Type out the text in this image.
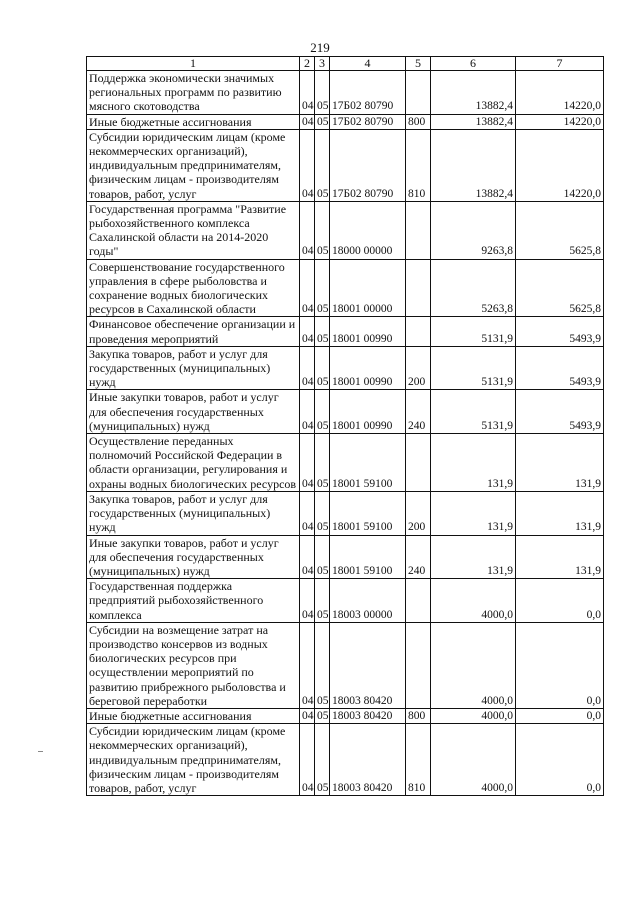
219
1	2	3	4	5	6	7
Поддержка экономически значимых региональных программ по развитию мясного скотоводства	04	05	17Б02 80790		13882,4	14220,0
Иные бюджетные ассигнования	04	05	17Б02 80790	800	13882,4	14220,0
Субсидии юридическим лицам (кроме некоммерческих организаций), индивидуальным предпринимателям, физическим лицам - производителям товаров, работ, услуг	04	05	17Б02 80790	810	13882,4	14220,0
Государственная программа "Развитие рыбохозяйственного комплекса Сахалинской области на 2014-2020 годы"	04	05	18000 00000		9263,8	5625,8
Совершенствование государственного управления в сфере рыболовства и сохранение водных биологических ресурсов в Сахалинской области	04	05	18001 00000		5263,8	5625,8
Финансовое обеспечение организации и проведения мероприятий	04	05	18001 00990		5131,9	5493,9
Закупка товаров, работ и услуг для государственных (муниципальных) нужд	04	05	18001 00990	200	5131,9	5493,9
Иные закупки товаров, работ и услуг для обеспечения государственных (муниципальных) нужд	04	05	18001 00990	240	5131,9	5493,9
Осуществление переданных полномочий Российской Федерации в области организации, регулирования и охраны водных биологических ресурсов	04	05	18001 59100		131,9	131,9
Закупка товаров, работ и услуг для государственных (муниципальных) нужд	04	05	18001 59100	200	131,9	131,9
Иные закупки товаров, работ и услуг для обеспечения государственных (муниципальных) нужд	04	05	18001 59100	240	131,9	131,9
Государственная поддержка предприятий рыбохозяйственного комплекса	04	05	18003 00000		4000,0	0,0
Субсидии на возмещение затрат на производство консервов из водных биологических ресурсов при осуществлении мероприятий по развитию прибрежного рыболовства и береговой переработки	04	05	18003 80420		4000,0	0,0
Иные бюджетные ассигнования	04	05	18003 80420	800	4000,0	0,0
Субсидии юридическим лицам (кроме некоммерческих организаций), индивидуальным предпринимателям, физическим лицам - производителям товаров, работ, услуг	04	05	18003 80420	810	4000,0	0,0
